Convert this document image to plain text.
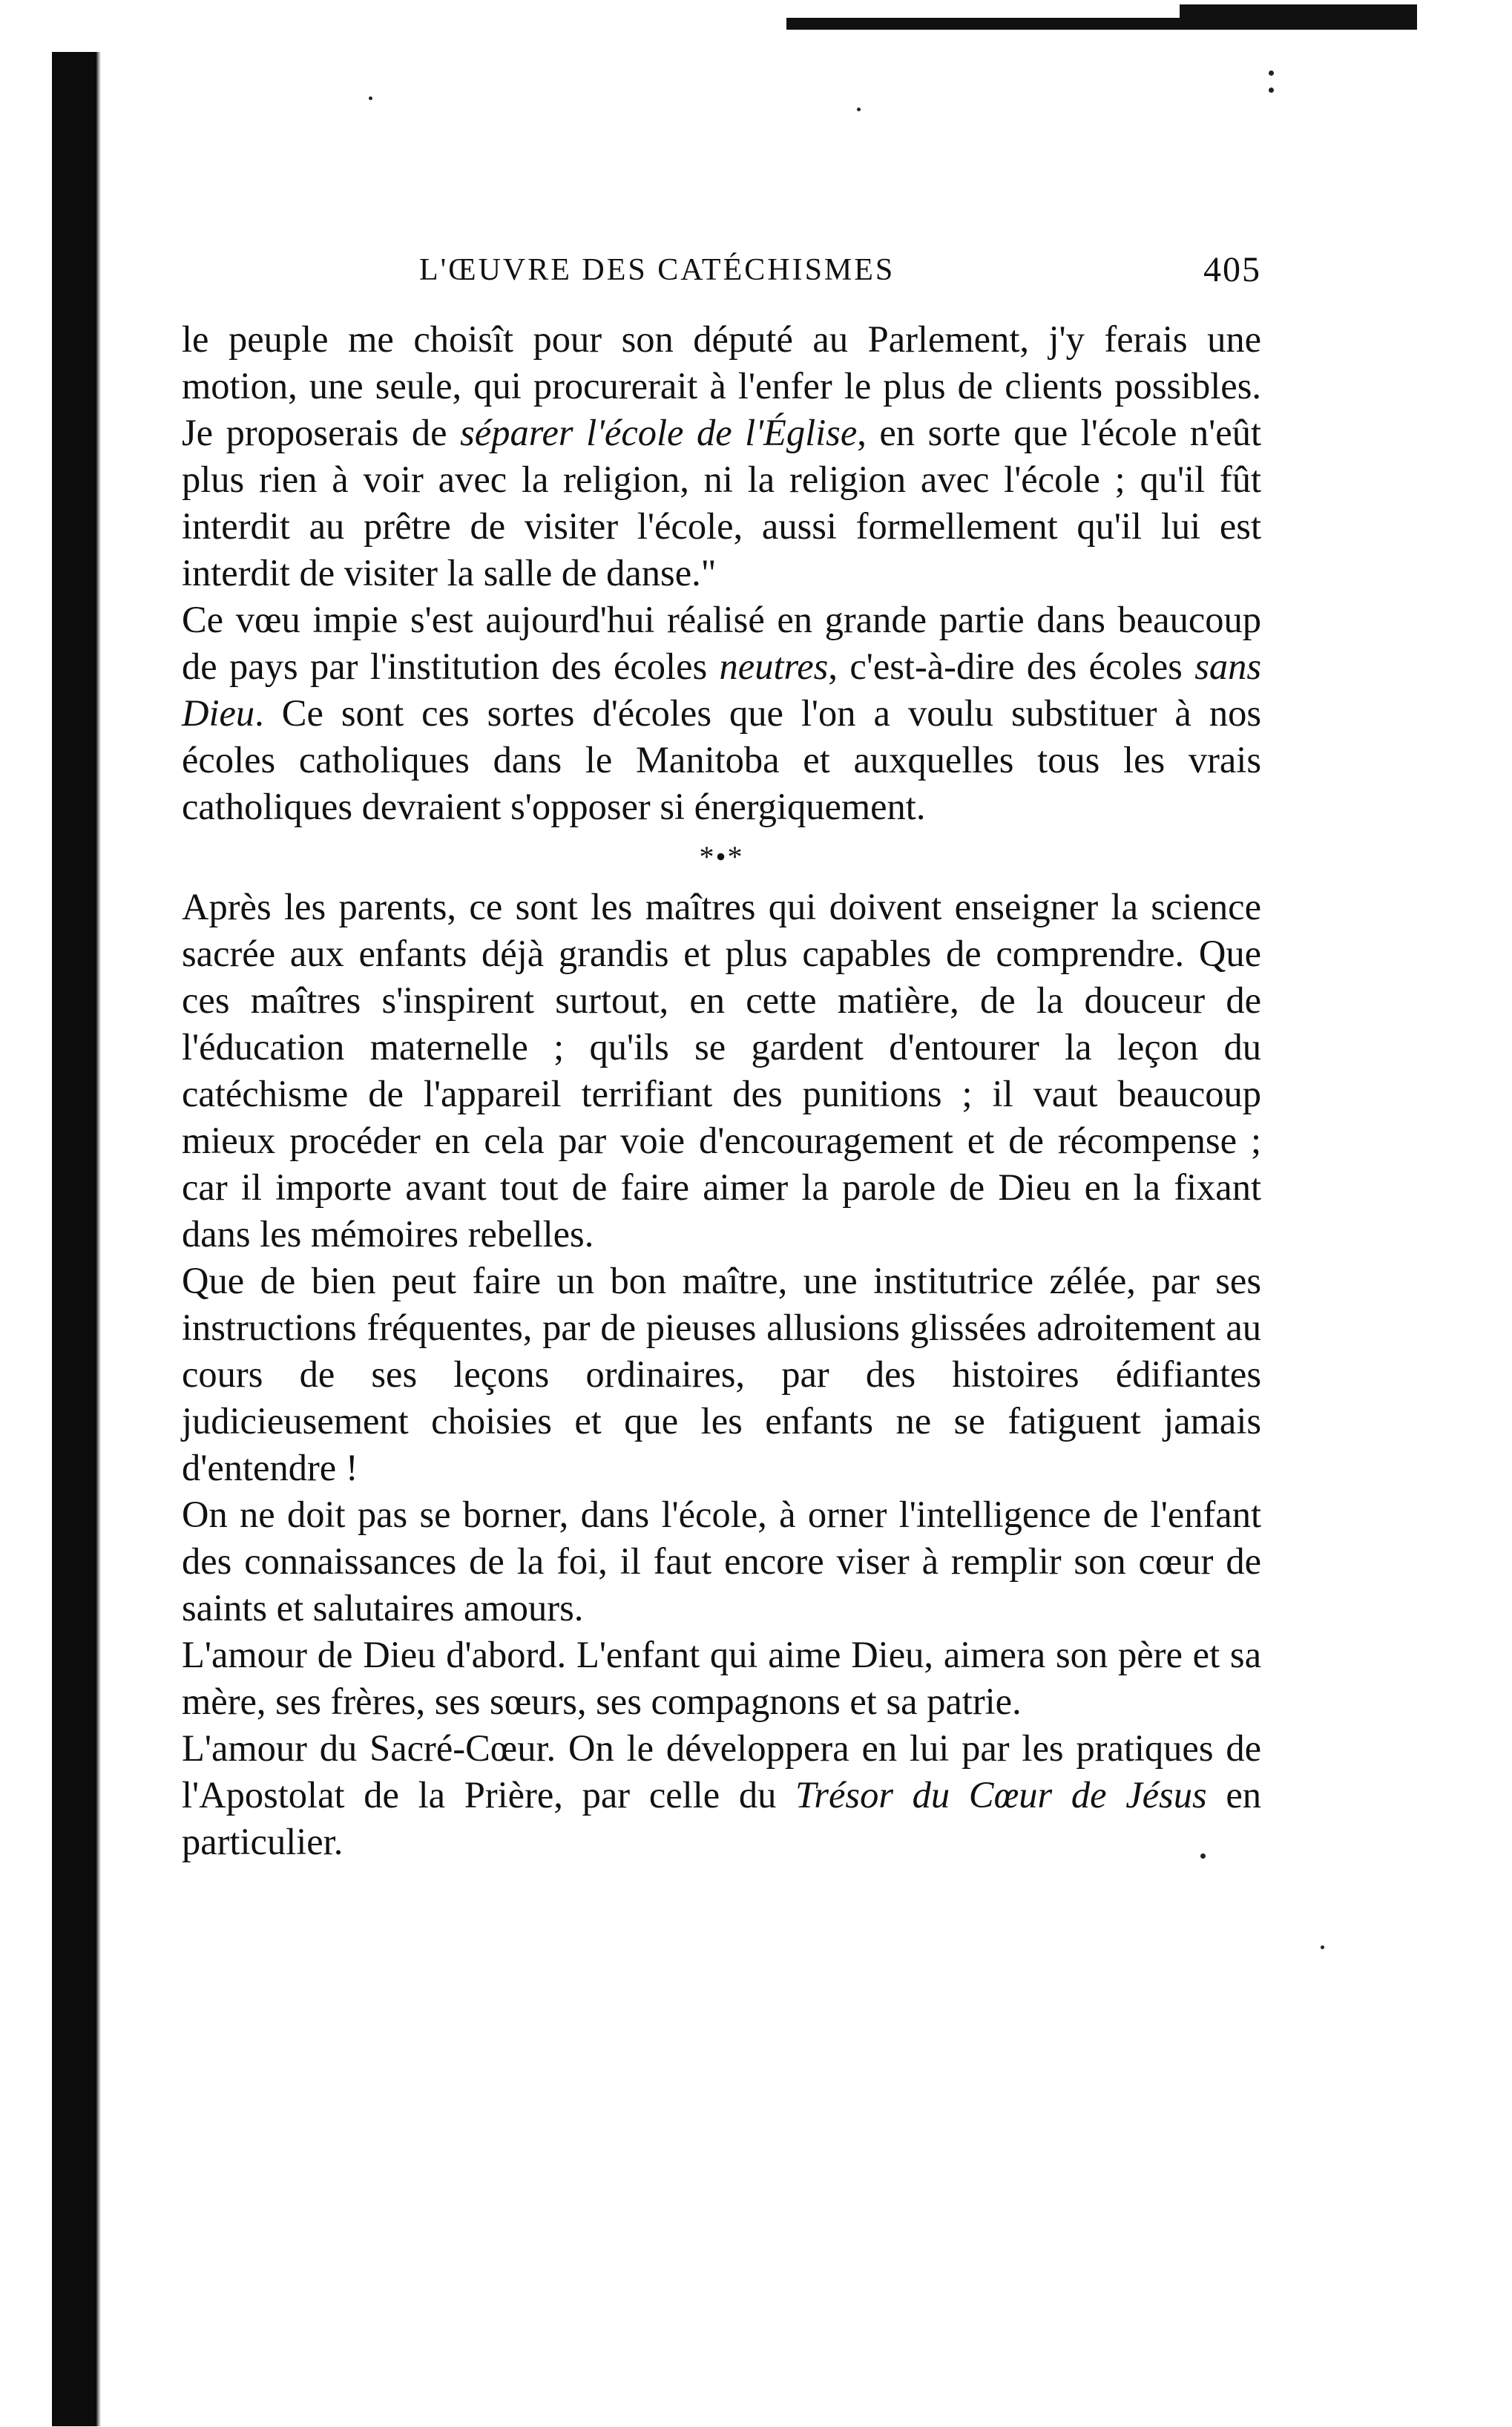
L'ŒUVRE DES CATÉCHISMES	405

le peuple me choisît pour son député au Parlement, j'y ferais une motion, une seule, qui procurerait à l'enfer le plus de clients possibles. Je proposerais de séparer l'école de l'Église, en sorte que l'école n'eût plus rien à voir avec la religion, ni la religion avec l'école ; qu'il fût interdit au prêtre de visiter l'école, aussi formellement qu'il lui est interdit de visiter la salle de danse."

Ce vœu impie s'est aujourd'hui réalisé en grande partie dans beaucoup de pays par l'institution des écoles neutres, c'est-à-dire des écoles sans Dieu. Ce sont ces sortes d'écoles que l'on a voulu substituer à nos écoles catholiques dans le Manitoba et auxquelles tous les vrais catholiques devraient s'opposer si énergiquement.

*•*

Après les parents, ce sont les maîtres qui doivent enseigner la science sacrée aux enfants déjà grandis et plus capables de comprendre. Que ces maîtres s'inspirent surtout, en cette matière, de la douceur de l'éducation maternelle ; qu'ils se gardent d'entourer la leçon du catéchisme de l'appareil terrifiant des punitions ; il vaut beaucoup mieux procéder en cela par voie d'encouragement et de récompense ; car il importe avant tout de faire aimer la parole de Dieu en la fixant dans les mémoires rebelles.

Que de bien peut faire un bon maître, une institutrice zélée, par ses instructions fréquentes, par de pieuses allusions glissées adroitement au cours de ses leçons ordinaires, par des histoires édifiantes judicieusement choisies et que les enfants ne se fatiguent jamais d'entendre !

On ne doit pas se borner, dans l'école, à orner l'intelligence de l'enfant des connaissances de la foi, il faut encore viser à remplir son cœur de saints et salutaires amours.

L'amour de Dieu d'abord. L'enfant qui aime Dieu, aimera son père et sa mère, ses frères, ses sœurs, ses compagnons et sa patrie.

L'amour du Sacré-Cœur. On le développera en lui par les pratiques de l'Apostolat de la Prière, par celle du Trésor du Cœur de Jésus en particulier.
